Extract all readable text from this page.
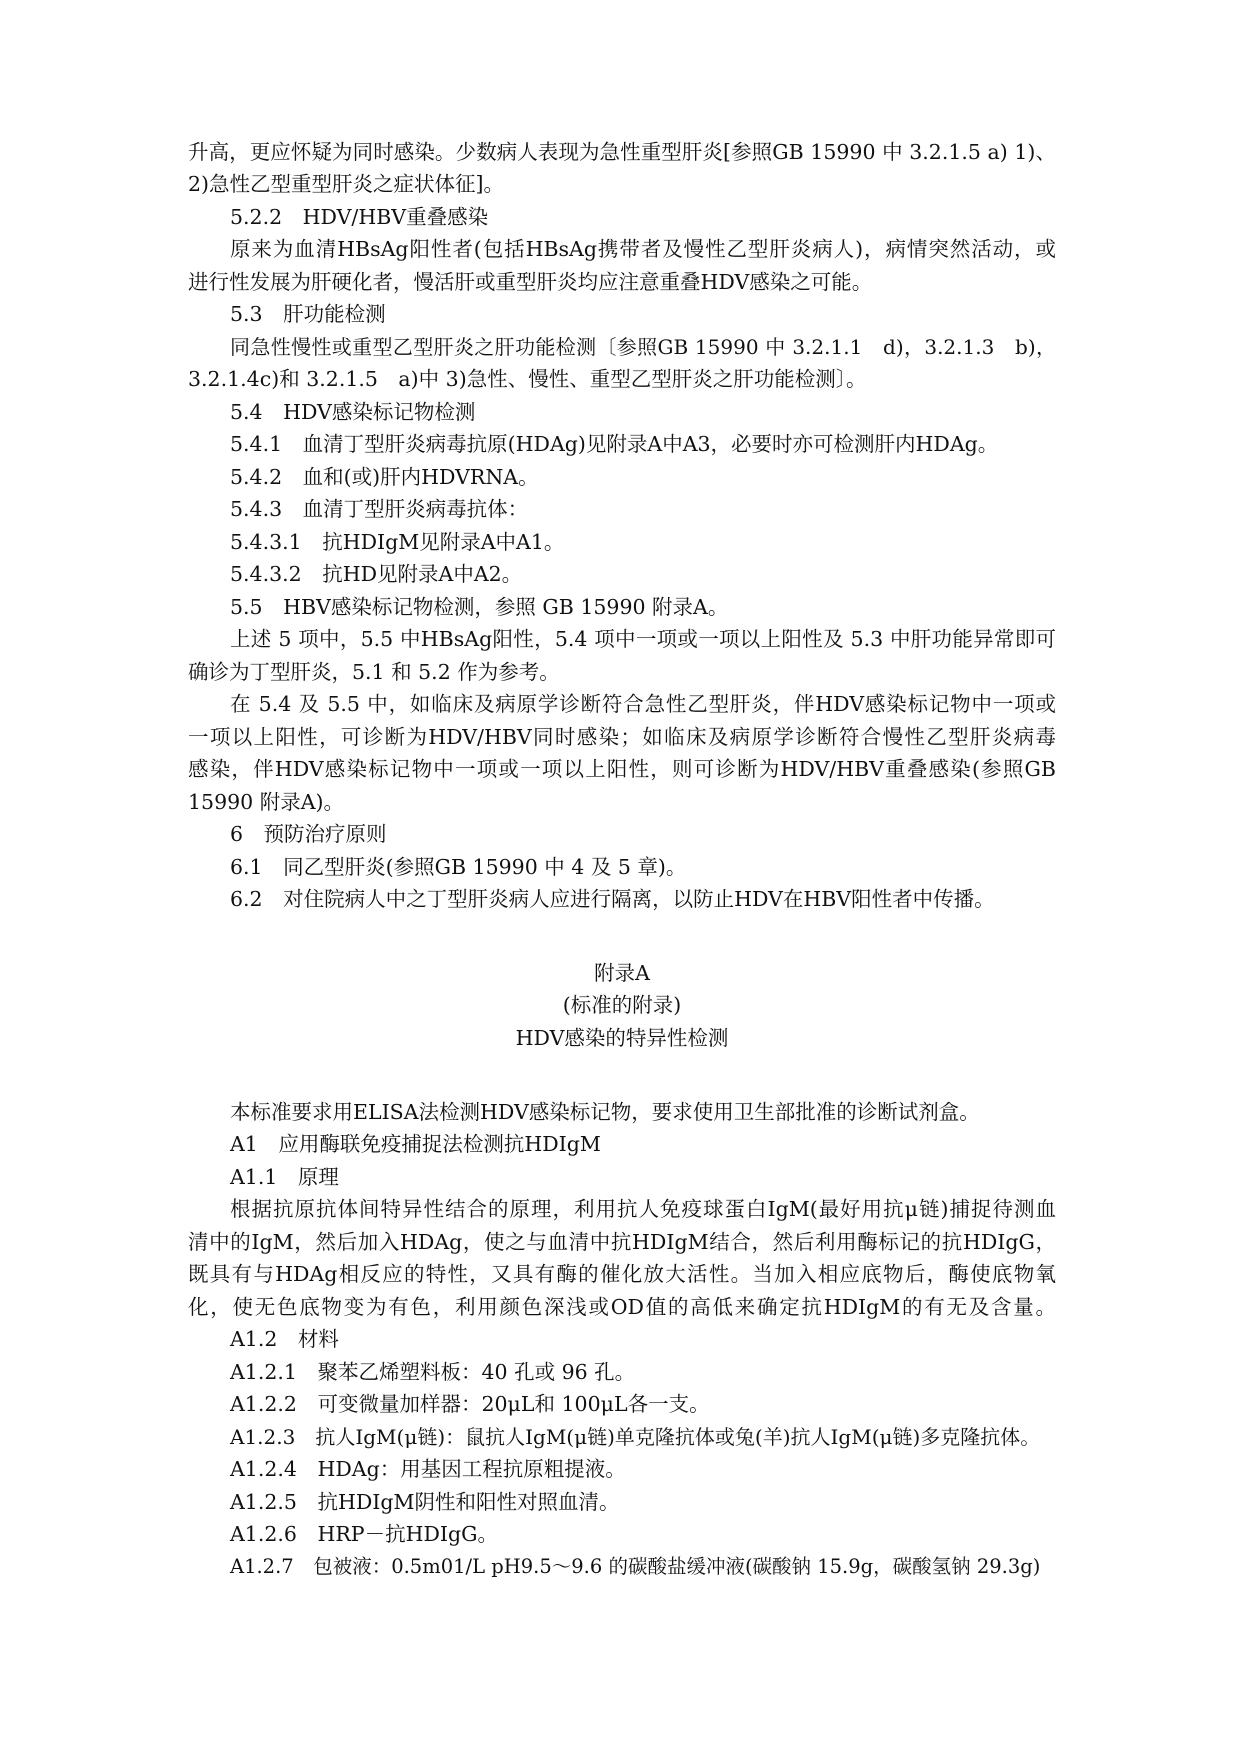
升高，更应怀疑为同时感染。少数病人表现为急性重型肝炎[参照GB 15990 中 3.2.1.5 a) 1)、
2)急性乙型重型肝炎之症状体征]。
5.2.2　HDV/HBV重叠感染
原来为血清HBsAg阳性者(包括HBsAg携带者及慢性乙型肝炎病人)，病情突然活动，或
进行性发展为肝硬化者，慢活肝或重型肝炎均应注意重叠HDV感染之可能。
5.3　肝功能检测
同急性慢性或重型乙型肝炎之肝功能检测〔参照GB 15990 中 3.2.1.1　d)，3.2.1.3　b)，
3.2.1.4c)和 3.2.1.5　a)中 3)急性、慢性、重型乙型肝炎之肝功能检测〕。
5.4　HDV感染标记物检测
5.4.1　血清丁型肝炎病毒抗原(HDAg)见附录A中A3，必要时亦可检测肝内HDAg。
5.4.2　血和(或)肝内HDVRNA。
5.4.3　血清丁型肝炎病毒抗体：
5.4.3.1　抗HDIgM见附录A中A1。
5.4.3.2　抗HD见附录A中A2。
5.5　HBV感染标记物检测，参照 GB 15990 附录A。
上述 5 项中，5.5 中HBsAg阳性，5.4 项中一项或一项以上阳性及 5.3 中肝功能异常即可
确诊为丁型肝炎，5.1 和 5.2 作为参考。
在 5.4 及 5.5 中，如临床及病原学诊断符合急性乙型肝炎，伴HDV感染标记物中一项或
一项以上阳性，可诊断为HDV/HBV同时感染；如临床及病原学诊断符合慢性乙型肝炎病毒
感染，伴HDV感染标记物中一项或一项以上阳性，则可诊断为HDV/HBV重叠感染(参照GB
15990 附录A)。
6　预防治疗原则
6.1　同乙型肝炎(参照GB 15990 中 4 及 5 章)。
6.2　对住院病人中之丁型肝炎病人应进行隔离，以防止HDV在HBV阳性者中传播。
附录A
(标准的附录)
HDV感染的特异性检测
本标准要求用ELISA法检测HDV感染标记物，要求使用卫生部批准的诊断试剂盒。
A1　应用酶联免疫捕捉法检测抗HDIgM
A1.1　原理
根据抗原抗体间特异性结合的原理，利用抗人免疫球蛋白IgM(最好用抗μ链)捕捉待测血
清中的IgM，然后加入HDAg，使之与血清中抗HDIgM结合，然后利用酶标记的抗HDIgG，
既具有与HDAg相反应的特性，又具有酶的催化放大活性。当加入相应底物后，酶使底物氧
化，使无色底物变为有色，利用颜色深浅或OD值的高低来确定抗HDIgM的有无及含量。
A1.2　材料
A1.2.1　聚苯乙烯塑料板：40 孔或 96 孔。
A1.2.2　可变微量加样器：20μL和 100μL各一支。
A1.2.3　抗人IgM(μ链)：鼠抗人IgM(μ链)单克隆抗体或兔(羊)抗人IgM(μ链)多克隆抗体。
A1.2.4　HDAg：用基因工程抗原粗提液。
A1.2.5　抗HDIgM阴性和阳性对照血清。
A1.2.6　HRP－抗HDIgG。
A1.2.7　包被液：0.5m01/L pH9.5～9.6 的碳酸盐缓冲液(碳酸钠 15.9g，碳酸氢钠 29.3g)
